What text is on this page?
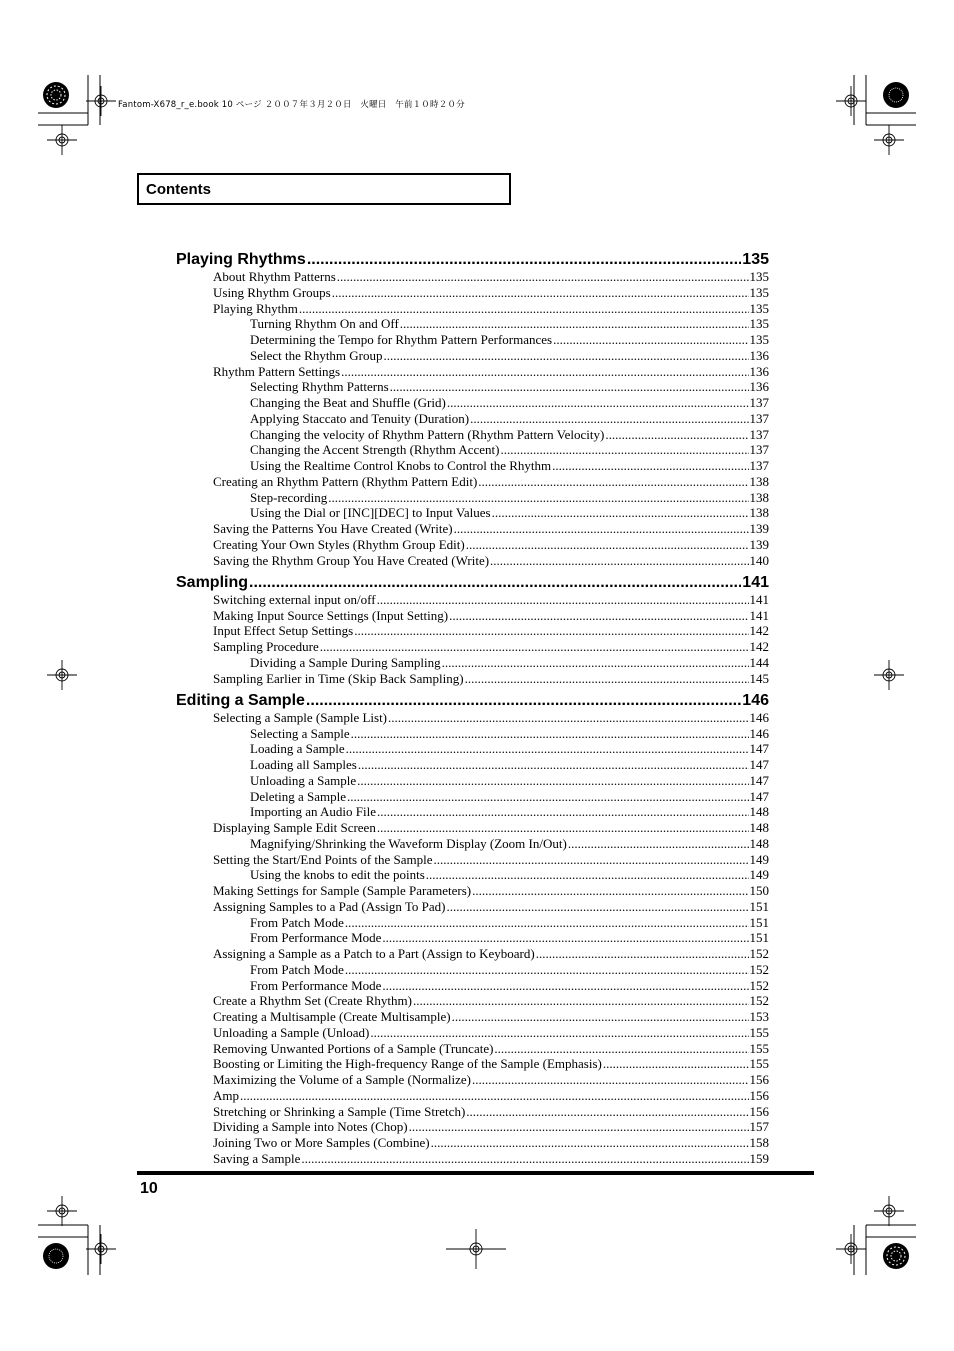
Fantom-X678_r_e.book 10 ページ ２００７年３月２０日　火曜日　午前１０時２０分
Contents
Playing Rhythms .....	135
About Rhythm Patterns .....	135
Using Rhythm Groups .....	135
Playing Rhythm .....	135
Turning Rhythm On and Off .....	135
Determining the Tempo for Rhythm Pattern Performances .....	135
Select the Rhythm Group .....	136
Rhythm Pattern Settings .....	136
Selecting Rhythm Patterns .....	136
Changing the Beat and Shuffle (Grid) .....	137
Applying Staccato and Tenuity (Duration) .....	137
Changing the velocity of Rhythm Pattern (Rhythm Pattern Velocity) .....	137
Changing the Accent Strength (Rhythm Accent) .....	137
Using the Realtime Control Knobs to Control the Rhythm .....	137
Creating an Rhythm Pattern (Rhythm Pattern Edit) .....	138
Step-recording .....	138
Using the Dial or [INC][DEC] to Input Values .....	138
Saving the Patterns You Have Created (Write) .....	139
Creating Your Own Styles (Rhythm Group Edit) .....	139
Saving the Rhythm Group You Have Created (Write) .....	140
Sampling .....	141
Switching external input on/off .....	141
Making Input Source Settings (Input Setting) .....	141
Input Effect Setup Settings .....	142
Sampling Procedure .....	142
Dividing a Sample During Sampling .....	144
Sampling Earlier in Time (Skip Back Sampling) .....	145
Editing a Sample .....	146
Selecting a Sample (Sample List) .....	146
Selecting a Sample .....	146
Loading a Sample .....	147
Loading all Samples .....	147
Unloading a Sample .....	147
Deleting a Sample .....	147
Importing an Audio File .....	148
Displaying Sample Edit Screen .....	148
Magnifying/Shrinking the Waveform Display (Zoom In/Out) .....	148
Setting the Start/End Points of the Sample .....	149
Using the knobs to edit the points .....	149
Making Settings for Sample (Sample Parameters) .....	150
Assigning Samples to a Pad (Assign To Pad) .....	151
From Patch Mode .....	151
From Performance Mode .....	151
Assigning a Sample as a Patch to a Part (Assign to Keyboard) .....	152
From Patch Mode .....	152
From Performance Mode .....	152
Create a Rhythm Set (Create Rhythm) .....	152
Creating a Multisample (Create Multisample) .....	153
Unloading a Sample (Unload) .....	155
Removing Unwanted Portions of a Sample (Truncate) .....	155
Boosting or Limiting the High-frequency Range of the Sample (Emphasis) .....	155
Maximizing the Volume of a Sample (Normalize) .....	156
Amp .....	156
Stretching or Shrinking a Sample (Time Stretch) .....	156
Dividing a Sample into Notes (Chop) .....	157
Joining Two or More Samples (Combine) .....	158
Saving a Sample .....	159
10
